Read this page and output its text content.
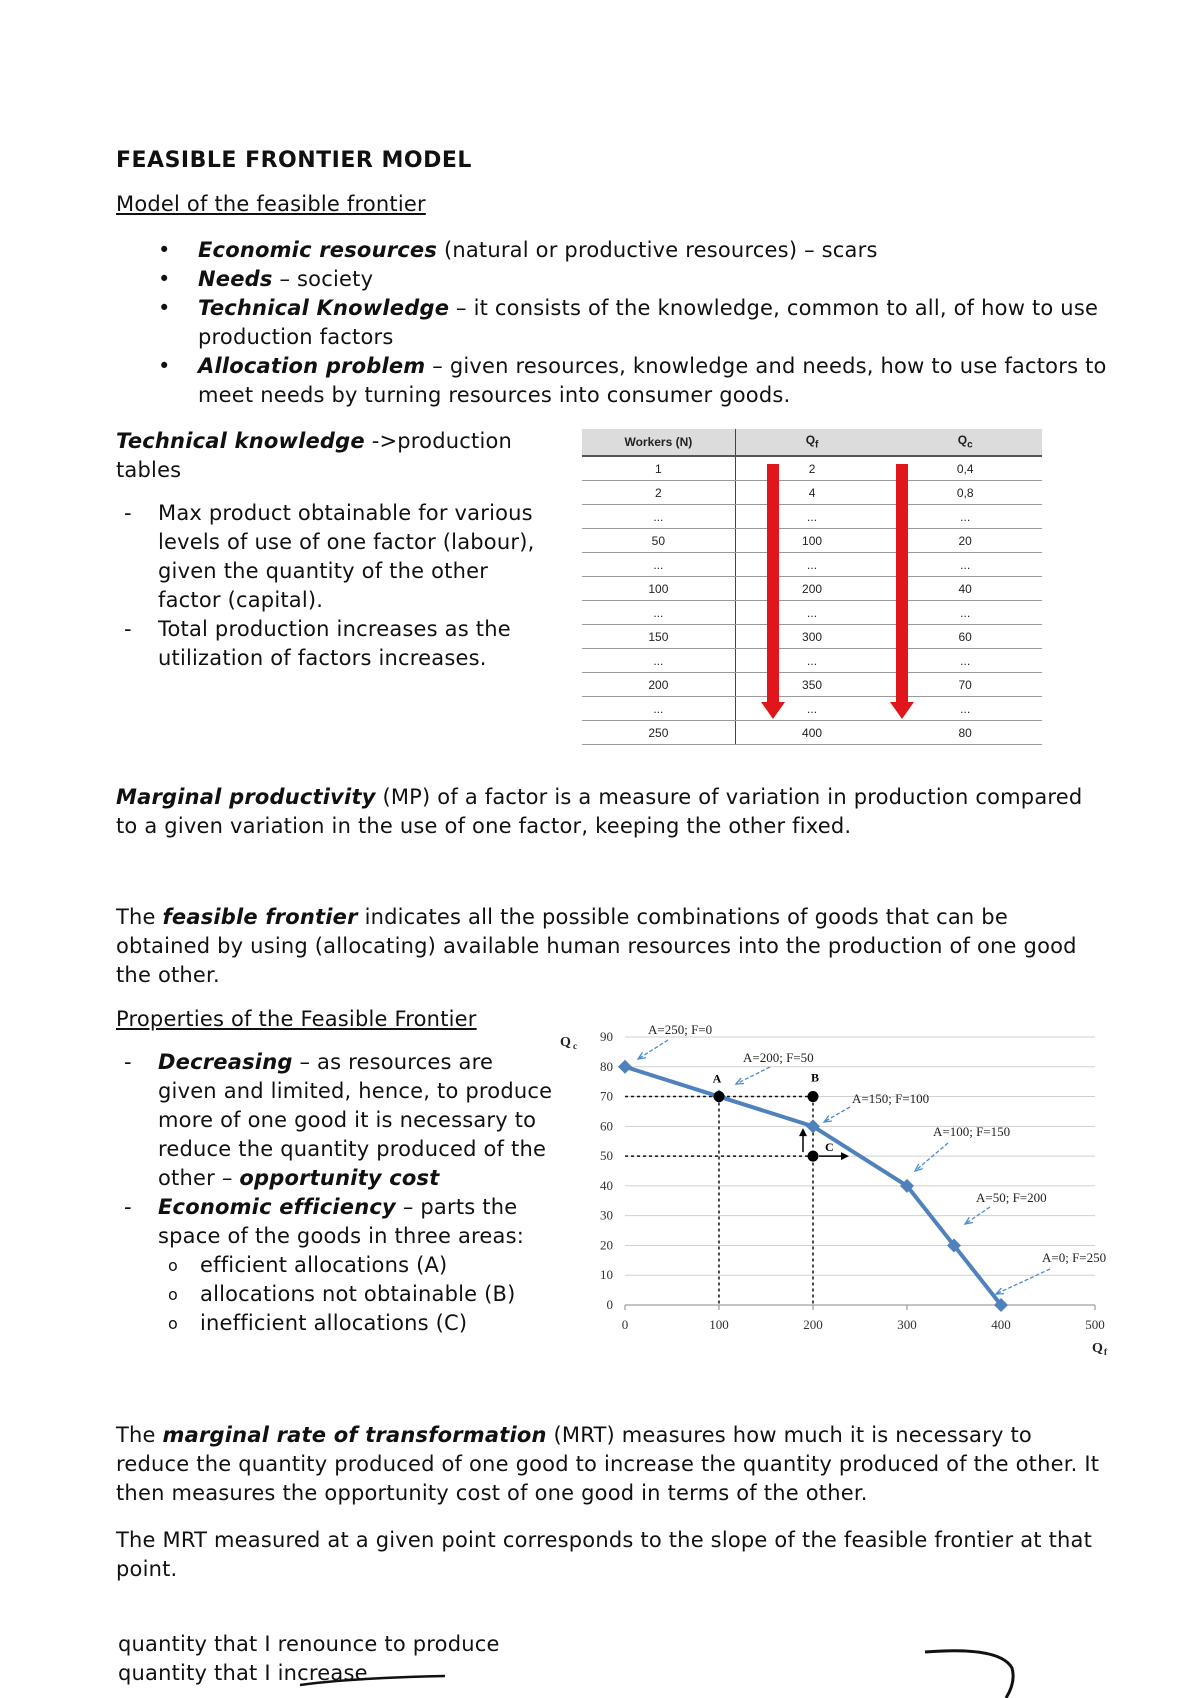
FEASIBLE FRONTIER MODEL
Model of the feasible frontier
• Economic resources (natural or productive resources) – scars
• Needs – society
• Technical Knowledge – it consists of the knowledge, common to all, of how to use production factors
• Allocation problem – given resources, knowledge and needs, how to use factors to meet needs by turning resources into consumer goods.

Technical knowledge ->production tables

- Max product obtainable for various levels of use of one factor (labour), given the quantity of the other factor (capital).
- Total production increases as the utilization of factors increases.
Workers (N)	$Q_f$	$Q_c$
1	2	0,4
2	4	0,8
...	...	...
50	100	20
...	...	...
100	200	40
...	...	...
150	300	60
...	...	...
200	350	70
...	...	...
250	400	80

Marginal productivity (MP) of a factor is a measure of variation in production compared to a given variation in the use of one factor, keeping the other fixed.

The feasible frontier indicates all the possible combinations of goods that can be obtained by using (allocating) available human resources into the production of one good the other.

Properties of the Feasible Frontier

- Decreasing – as resources are given and limited, hence, to produce more of one good it is necessary to reduce the quantity produced of the other – opportunity cost
- Economic efficiency – parts the space of the goods in three areas:
o efficient allocations (A)
o allocations not obtainable (B)
o inefficient allocations (C)
0
10
20
30
40
50
60
70
80
90
0	100	200	300	400	500
Q c
Q f
A	B
C
A=250; F=0
A=200; F=50
A=150; F=100
A=100; F=150
A=50; F=200
A=0; F=250

The marginal rate of transformation (MRT) measures how much it is necessary to reduce the quantity produced of one good to increase the quantity produced of the other. It then measures the opportunity cost of one good in terms of the other.

The MRT measured at a given point corresponds to the slope of the feasible frontier at that point.

quantity that I renounce to produce
quantity that I increase
